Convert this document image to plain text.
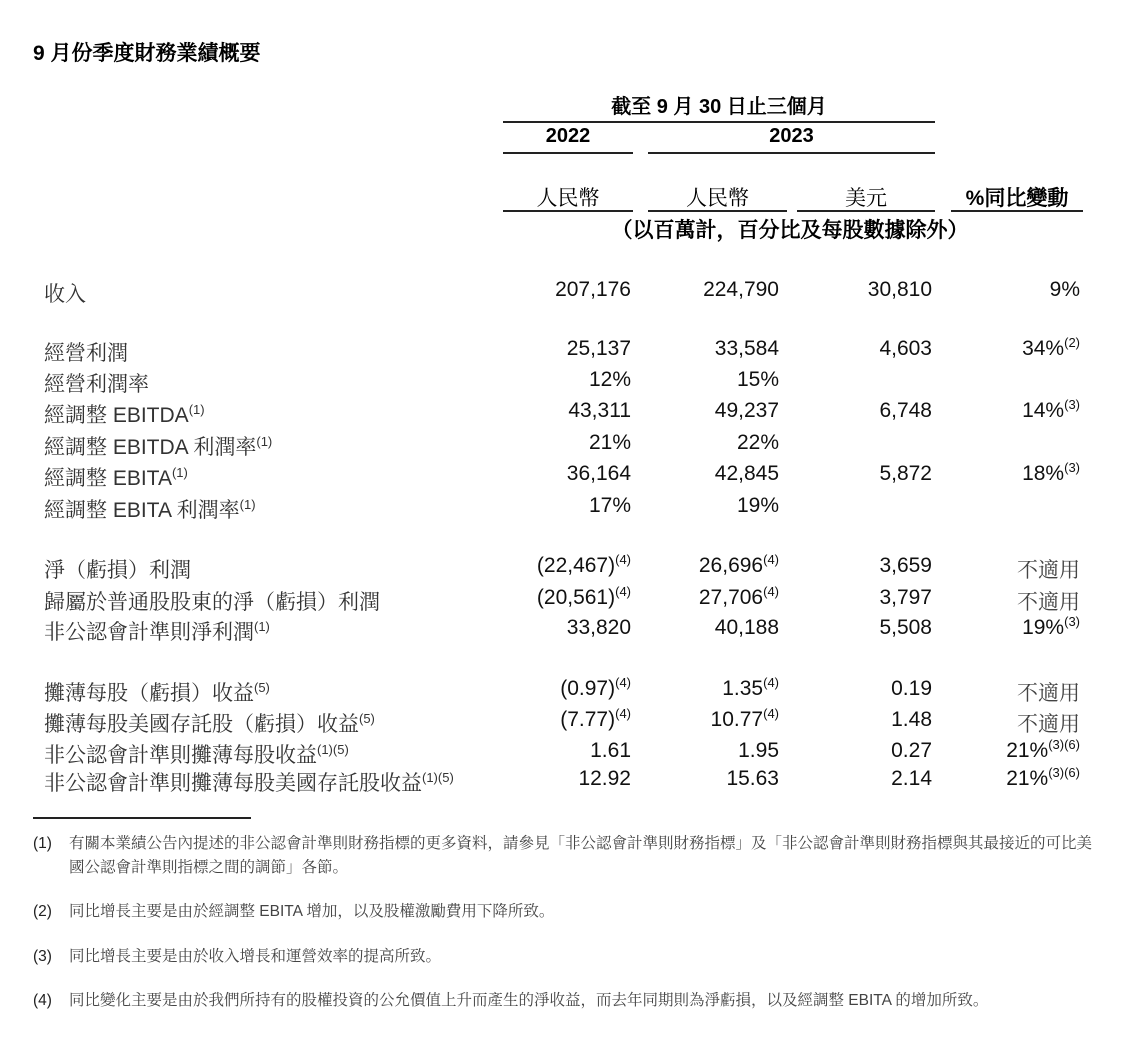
9 月份季度財務業績概要
截至 9 月 30 日止三個月
2022	2023
人民幣	人民幣	美元	%同比變動
（以百萬計，百分比及每股數據除外）
收入	207,176	224,790	30,810	9%
經營利潤	25,137	33,584	4,603	34%$^{(2)}$
經營利潤率	12%	15%
經調整 EBITDA$^{(1)}$	43,311	49,237	6,748	14%$^{(3)}$
經調整 EBITDA 利潤率$^{(1)}$	21%	22%
經調整 EBITA$^{(1)}$	36,164	42,845	5,872	18%$^{(3)}$
經調整 EBITA 利潤率$^{(1)}$	17%	19%
淨（虧損）利潤	$(22,467)^{(4)}$	26,696$^{(4)}$	3,659	不適用
歸屬於普通股股東的淨（虧損）利潤	$(20,561)^{(4)}$	27,706$^{(4)}$	3,797	不適用
非公認會計準則淨利潤$^{(1)}$	33,820	40,188	5,508	19%$^{(3)}$
攤薄每股（虧損）收益$^{(5)}$	$(0.97)^{(4)}$	1.35$^{(4)}$	0.19	不適用
攤薄每股美國存託股（虧損）收益$^{(5)}$	$(7.77)^{(4)}$	10.77$^{(4)}$	1.48	不適用
非公認會計準則攤薄每股收益$^{(1)(5)}$	1.61	1.95	0.27	21%$^{(3)(6)}$
非公認會計準則攤薄每股美國存託股收益$^{(1)(5)}$	12.92	15.63	2.14	21%$^{(3)(6)}$
(1) 有關本業績公告內提述的非公認會計準則財務指標的更多資料，請參見「非公認會計準則財務指標」及「非公認會計準則財務指標與其最接近的可比美國公認會計準則指標之間的調節」各節。
(2) 同比增長主要是由於經調整 EBITA 增加，以及股權激勵費用下降所致。
(3) 同比增長主要是由於收入增長和運營效率的提高所致。
(4) 同比變化主要是由於我們所持有的股權投資的公允價值上升而產生的淨收益，而去年同期則為淨虧損，以及經調整 EBITA 的增加所致。
